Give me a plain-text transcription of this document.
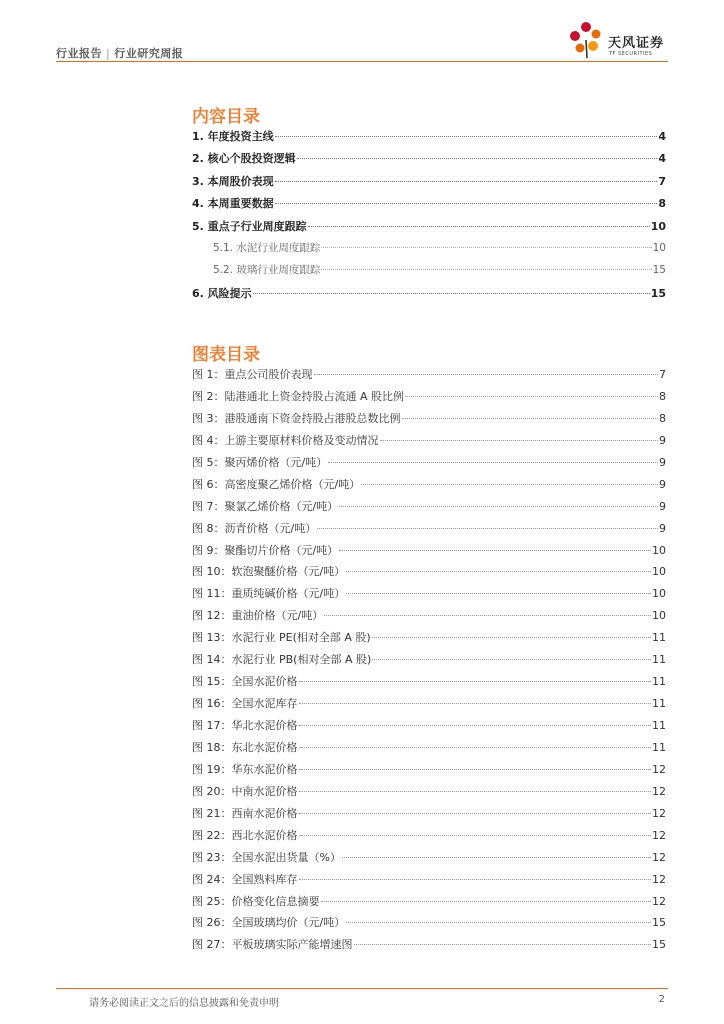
行业报告 | 行业研究周报
天风证券
TF SECURITIES
内容目录
1. 年度投资主线	4
2. 核心个股投资逻辑	4
3. 本周股价表现	7
4. 本周重要数据	8
5. 重点子行业周度跟踪	10
5.1. 水泥行业周度跟踪	10
5.2. 玻璃行业周度跟踪	15
6. 风险提示	15
图表目录
图 1：重点公司股价表现	7
图 2：陆港通北上资金持股占流通 A 股比例	8
图 3：港股通南下资金持股占港股总数比例	8
图 4：上游主要原材料价格及变动情况	9
图 5：聚丙烯价格（元/吨）	9
图 6：高密度聚乙烯价格（元/吨）	9
图 7：聚氯乙烯价格（元/吨）	9
图 8：沥青价格（元/吨）	9
图 9：聚酯切片价格（元/吨）	10
图 10：软泡聚醚价格（元/吨）	10
图 11：重质纯碱价格（元/吨）	10
图 12：重油价格（元/吨）	10
图 13：水泥行业 PE(相对全部 A 股)	11
图 14：水泥行业 PB(相对全部 A 股)	11
图 15：全国水泥价格	11
图 16：全国水泥库存	11
图 17：华北水泥价格	11
图 18：东北水泥价格	11
图 19：华东水泥价格	12
图 20：中南水泥价格	12
图 21：西南水泥价格	12
图 22：西北水泥价格	12
图 23：全国水泥出货量（%）	12
图 24：全国熟料库存	12
图 25：价格变化信息摘要	12
图 26：全国玻璃均价（元/吨）	15
图 27：平板玻璃实际产能增速图	15
请务必阅读正文之后的信息披露和免责申明	2
